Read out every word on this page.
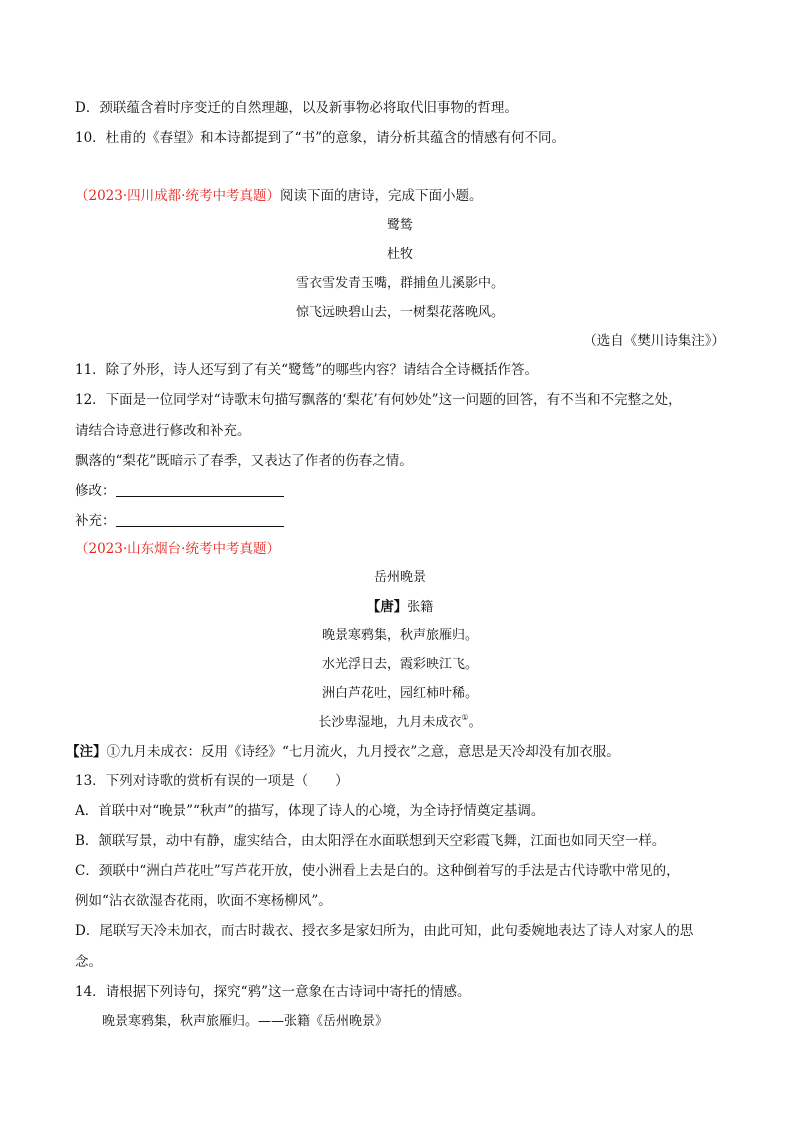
D．颈联蕴含着时序变迁的自然理趣，以及新事物必将取代旧事物的哲理。
10．杜甫的《春望》和本诗都提到了“书”的意象，请分析其蕴含的情感有何不同。
（2023·四川成都·统考中考真题）阅读下面的唐诗，完成下面小题。
鹭鸶
杜牧
雪衣雪发青玉嘴，群捕鱼儿溪影中。
惊飞远映碧山去，一树梨花落晚风。
（选自《樊川诗集注》）
11．除了外形，诗人还写到了有关“鹭鸶”的哪些内容？请结合全诗概括作答。
12．下面是一位同学对“诗歌末句描写飘落的‘梨花’有何妙处”这一问题的回答，有不当和不完整之处，
请结合诗意进行修改和补充。
飘落的“梨花”既暗示了春季，又表达了作者的伤春之情。
修改：
补充：
（2023·山东烟台·统考中考真题）
岳州晚景
【唐】张籍
晚景寒鸦集，秋声旅雁归。
水光浮日去，霞彩映江飞。
洲白芦花吐，园红柿叶稀。
长沙卑湿地，九月未成衣①。
【注】①九月未成衣：反用《诗经》“七月流火，九月授衣”之意，意思是天冷却没有加衣服。
13．下列对诗歌的赏析有误的一项是（　　）
A．首联中对“晚景”“秋声”的描写，体现了诗人的心境，为全诗抒情奠定基调。
B．颔联写景，动中有静，虚实结合，由太阳浮在水面联想到天空彩霞飞舞，江面也如同天空一样。
C．颈联中“洲白芦花吐”写芦花开放，使小洲看上去是白的。这种倒着写的手法是古代诗歌中常见的，
例如“沾衣欲湿杏花雨，吹面不寒杨柳风”。
D．尾联写天冷未加衣，而古时裁衣、授衣多是家妇所为，由此可知，此句委婉地表达了诗人对家人的思
念。
14．请根据下列诗句，探究“鸦”这一意象在古诗词中寄托的情感。
晚景寒鸦集，秋声旅雁归。——张籍《岳州晚景》
